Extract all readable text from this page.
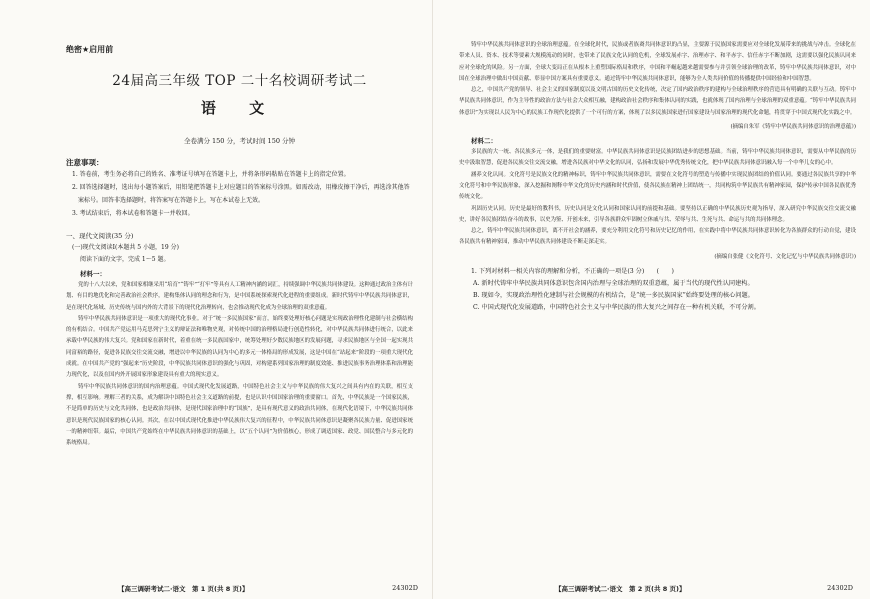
绝密★启用前
24届高三年级 TOP 二十名校调研考试二
语 文
全卷满分 150 分，考试时间 150 分钟
注意事项：
1. 答卷前，考生务必将自己的姓名、准考证号填写在答题卡上，并将条形码粘贴在答题卡上的指定位置。
2. 回答选择题时，选出每小题答案后，用铅笔把答题卡上对应题目的答案标号涂黑。如需改动，用橡皮擦干净后，再选涂其他答案标号。回答非选择题时，将答案写在答题卡上，写在本试卷上无效。
3. 考试结束后，将本试卷和答题卡一并收回。
一、现代文阅读(35 分)
(一)现代文阅读Ⅰ(本题共 5 小题，19 分)
阅读下面的文字，完成 1～5 题。
材料一：

党的十八大以来，党和国家相继采用“培育”“铸牢”“打牢”等具有人工精神内涵的词汇，持续强调中华民族共同体建设。这种通过政治主体有计划、有目的地优化和完善政治社会秩序，建构集体认同的理念和行为，是中国系统探索现代化进程的重要组成。新时代铸牢中华民族共同体意识，是在现代化场域、历史传统与国内外的大背景下的现代化治理转向，也会推动现代化成为全球治理的双重意蕴。

铸牢中华民族共同体意识是一项重大的现代化事业。对于“统一多民族国家”而言，始终要处理好核心问题是实现政治理性化建制与社会横结构的有机结合。中国共产党运用马克思列宁主义的辩证法和唯物史观，对传统中国的治理格局进行创造性转化，对中华民族共同体进行统合，以此来承载中华民族的伟大复兴。党和国家在新时代，着重在统一多民族国家中，统筹处理好少数民族地区的发展问题，寻求民族地区与全国一起实现共同富裕的路径，促进各民族交往交流交融，增进以中华民族的认同为中心的多元一体格局的形成发展，这是中国在“站起来”阶段的一项重大现代化成就。在中国共产党的“强起来”历史阶段，中华民族共同体意识的强化与巩固，对构建系列国家治理的制度效能、推进民族事务治理体系和治理能力现代化，以及在国内外开展国家形象建设具有重大的现实意义。

铸牢中华民族共同体意识的国内治理意蕴。中国式现代化发展道路，中国特色社会主义与中华民族的伟大复兴之间具有内在的关联，相互支撑，相互影响。理解三者的关系，成为解读中国特色社会主义道路的前提，也是认识中国国家治理的重要窗口。首先，中华民族是一个国家民族，不是简单的历史与文化共同体，也是政治共同体，是现代国家治理中的“国族”，是具有现代意义的政治共同体，在现代化语境下，中华民族共同体意识是现代民族国家的核心认同。其次，在以中国式现代化推进中华民族伟大复兴的征程中，中华民族共同体意识是凝聚各民族力量、促进国家统一的精神纽带。最后，中国共产党始终在中华民族共同体意识的基础上，以“五个认同”为价值核心，形成了调适国家、政党、国民整合与多元化的系统格局。

【高三调研考试二·语文　第 1 页(共 8 页)】	24302D

铸牢中华民族共同体意识的全球治理意蕴。在全球化时代，民族或者族裔共同体意识的凸显，主要源于民族国家需要应对全球化发展带来的挑战与冲击。全球化在带来人员、资本、技术等要素大规模流动的同时，也带来了民族文化认同的危机，全球发展赤字、治理赤字、和平赤字、信任赤字不断加剧，这需要以强化民族认同来应对全球化的风险。另一方面，全球大变局正在从根本上重塑国际格局和秩序，中国和平崛起越来越需要参与并引领全球治理的改革，铸牢中华民族共同体意识，对中国在全球治理中做出中国贡献、彰显中国方案具有重要意义。通过铸牢中华民族共同体意识，能够为全人类共同价值的传播提供中国经验和中国智慧。

总之，中国共产党的领导、社会主义的国家制度以及文明古国的历史文化传统，决定了国内政治秩序的建构与全球治理秩序的营造具有明确的关联与互动。铸牢中华民族共同体意识，作为主导性的政治方法与社会大众相互融，建构政治社会秩序和集体认同的实践，也就体现了国内治理与全球治理的双重意蕴。“铸牢中华民族共同体意识”为实现以人民为中心的民族工作现代化提供了一个可行的方案，体现了以多民族国家进行国家建设与国家治理的现代化命题，将贯穿于中国式现代化实践之中。

(摘编自朱军《铸牢中华民族共同体意识的治理意蕴》)
材料二：

多民族的大一统、各民族多元一体，是我们的重要财富。中华民族共同体意识是民族团结进步的思想基础。当前，铸牢中华民族共同体意识，需要从中华民族的历史中汲取智慧，促进各民族交往交流交融，增进各民族对中华文化的认同，弘扬和发展中华优秀传统文化，把中华民族共同体意识融入每一个中华儿女的心中。

涵养文化认同。文化符号是民族文化的精神标识，铸牢中华民族共同体意识，需要在文化符号的塑造与传播中实现民族团结的价值认同。要通过各民族共享的中华文化符号和中华民族形象，深入挖掘和阐释中华文化的历史内涵和时代价值，使各民族在精神上团结统一，共同构筑中华民族共有精神家园，保护传承中国各民族优秀传统文化。

巩固历史认同。历史是最好的教科书，历史认同是文化认同和国家认同的前提和基础。要坚持以正确的中华民族历史观为指导，深入研究中华民族交往交流交融史，讲好各民族团结奋斗的故事，以史为鉴、开创未来，引导各族群众牢固树立休戚与共、荣辱与共、生死与共、命运与共的共同体理念。

总之，铸牢中华民族共同体意识，离不开社会的涵养，要充分利用文化符号和历史记忆的作用，在实践中将中华民族共同体意识转化为各族群众的行动自觉，建设各民族共有精神家园，推动中华民族共同体建设不断走深走实。

(摘编自张健《文化符号、文化记忆与中华民族共同体意识》)
1. 下列对材料一相关内容的理解和分析，不正确的一项是(3 分)　　(　　)
A. 新时代铸牢中华民族共同体意识包含国内治理与全球治理的双重意蕴，属于当代的现代性认同建构。
B. 现如今，实现政治理性化建制与社会规模的有机结合，是“统一多民族国家”始终要处理的核心问题。
C. 中国式现代化发展道路，中国特色社会主义与中华民族的伟大复兴之间存在一种有机关联，不可分割。
【高三调研考试二·语文　第 2 页(共 8 页)】	24302D
